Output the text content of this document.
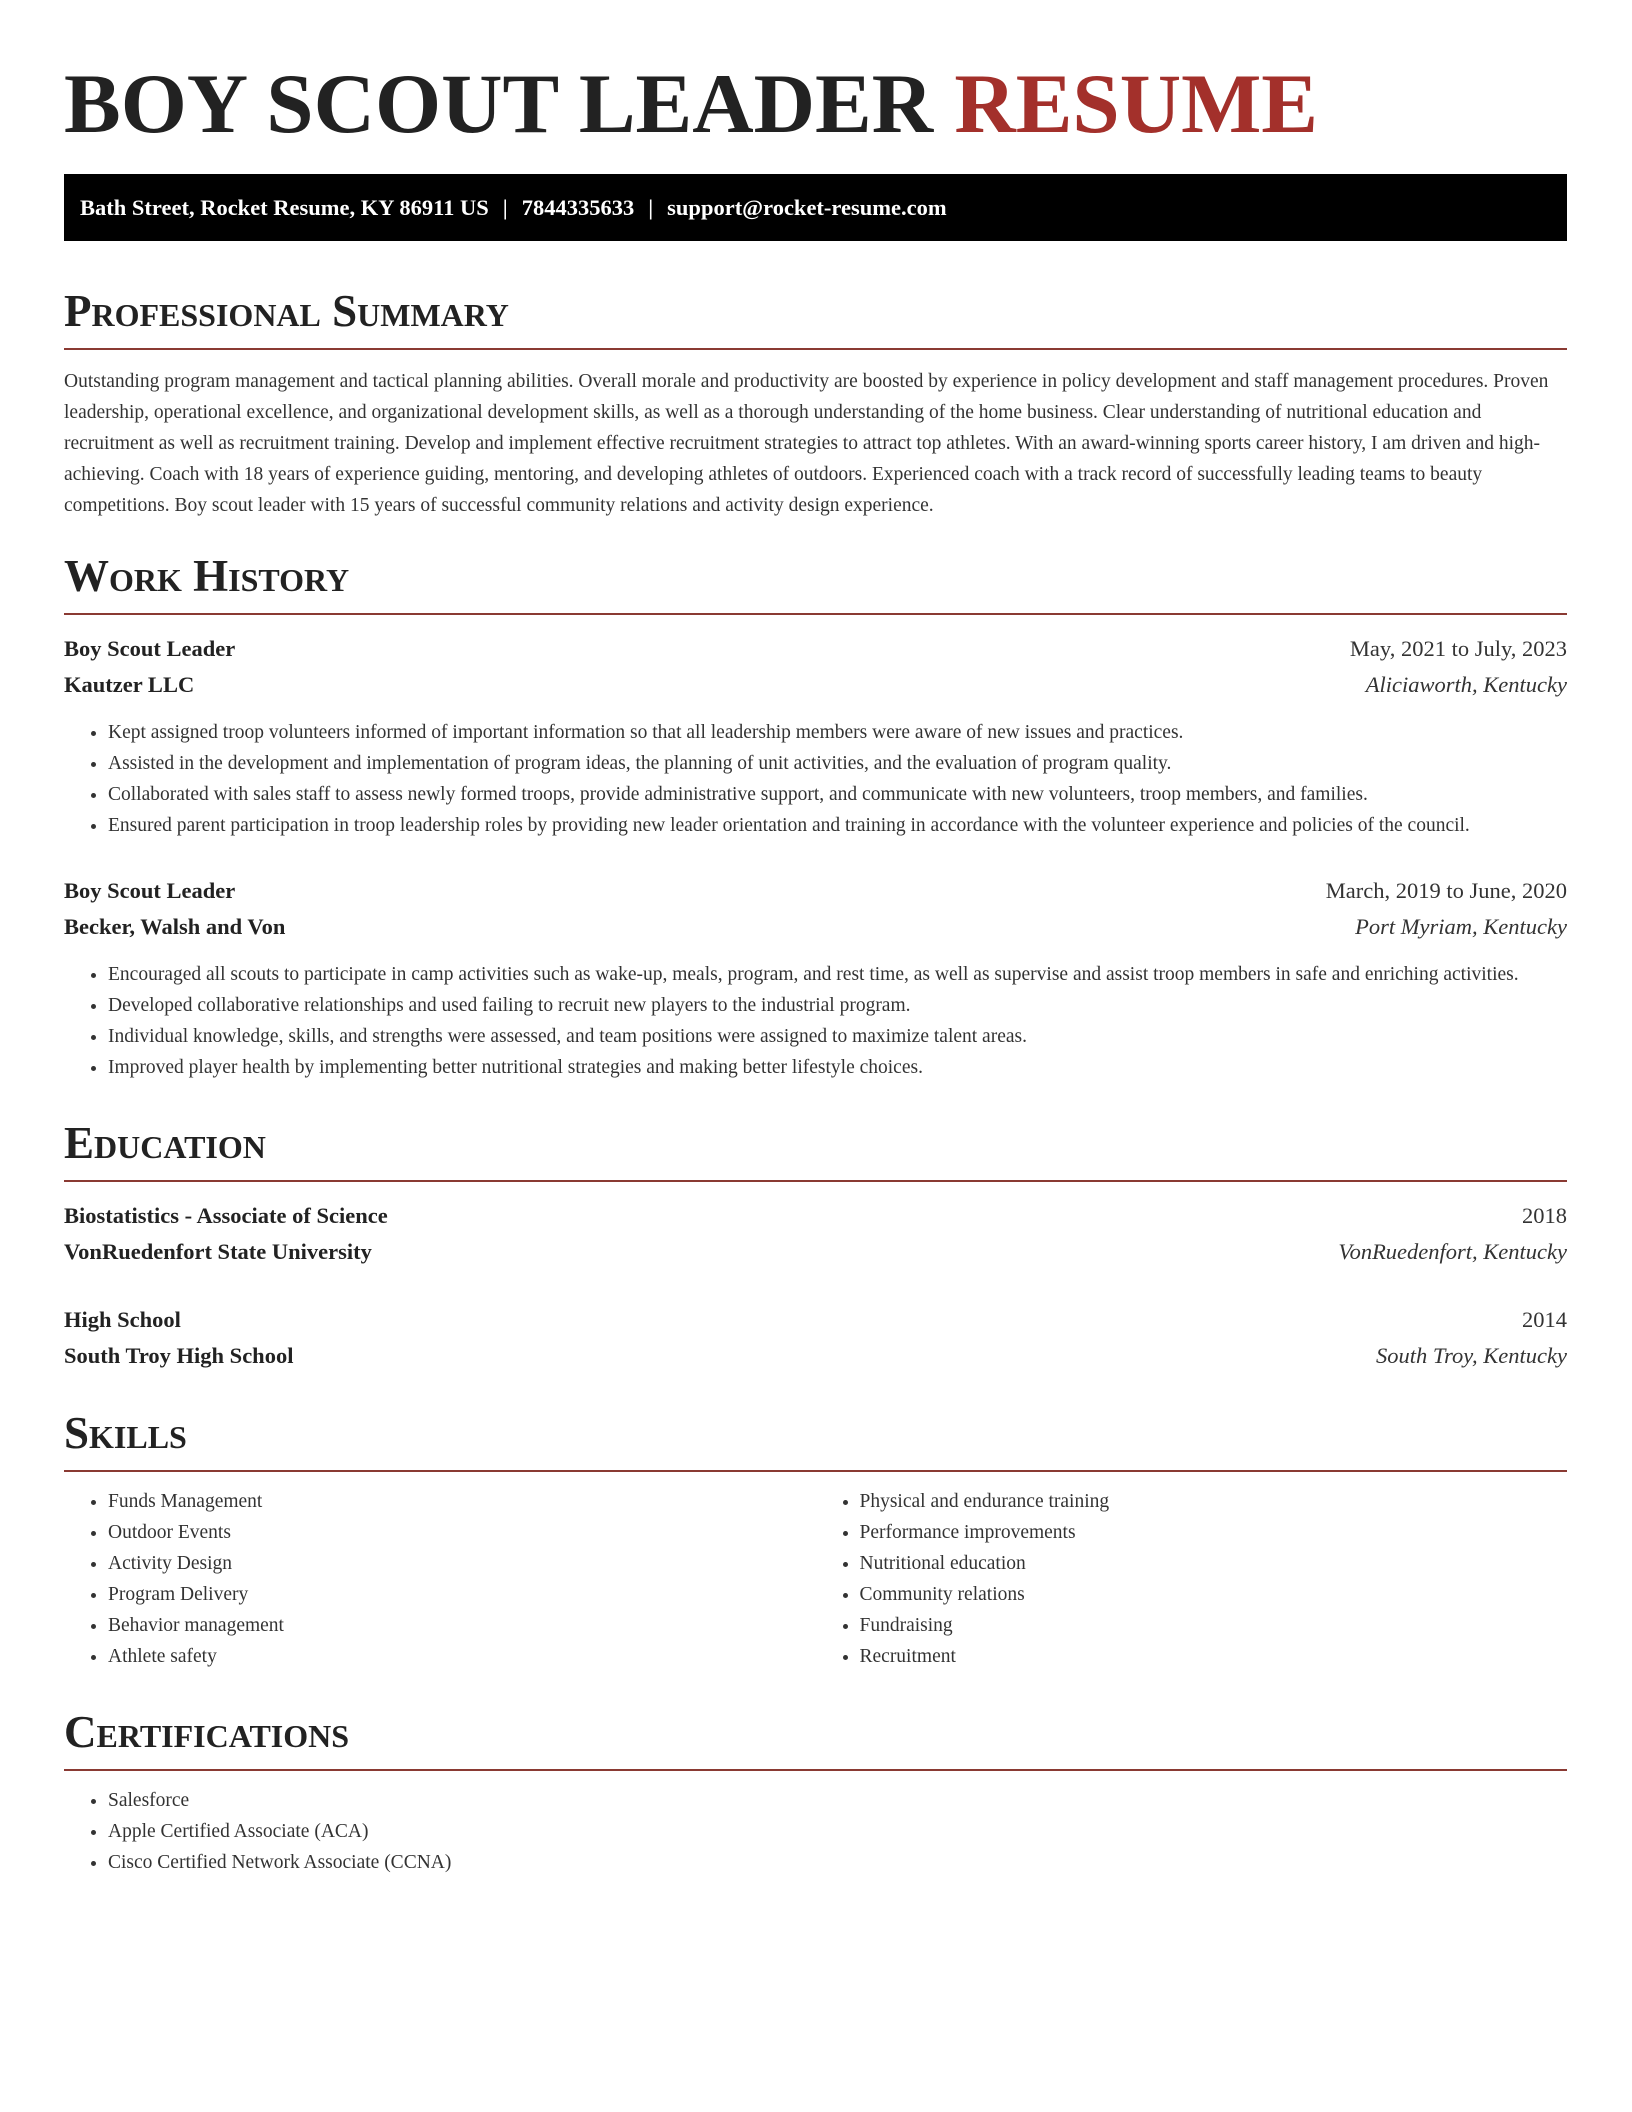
BOY SCOUT LEADER RESUME
Bath Street, Rocket Resume, KY 86911 US | 7844335633 | support@rocket-resume.com
Professional Summary
Outstanding program management and tactical planning abilities. Overall morale and productivity are boosted by experience in policy development and staff management procedures. Proven leadership, operational excellence, and organizational development skills, as well as a thorough understanding of the home business. Clear understanding of nutritional education and recruitment as well as recruitment training. Develop and implement effective recruitment strategies to attract top athletes. With an award-winning sports career history, I am driven and high-achieving. Coach with 18 years of experience guiding, mentoring, and developing athletes of outdoors. Experienced coach with a track record of successfully leading teams to beauty competitions. Boy scout leader with 15 years of successful community relations and activity design experience.
Work History
Boy Scout Leader	May, 2021 to July, 2023
Kautzer LLC	Aliciaworth, Kentucky
• Kept assigned troop volunteers informed of important information so that all leadership members were aware of new issues and practices.
• Assisted in the development and implementation of program ideas, the planning of unit activities, and the evaluation of program quality.
• Collaborated with sales staff to assess newly formed troops, provide administrative support, and communicate with new volunteers, troop members, and families.
• Ensured parent participation in troop leadership roles by providing new leader orientation and training in accordance with the volunteer experience and policies of the council.
Boy Scout Leader	March, 2019 to June, 2020
Becker, Walsh and Von	Port Myriam, Kentucky
• Encouraged all scouts to participate in camp activities such as wake-up, meals, program, and rest time, as well as supervise and assist troop members in safe and enriching activities.
• Developed collaborative relationships and used failing to recruit new players to the industrial program.
• Individual knowledge, skills, and strengths were assessed, and team positions were assigned to maximize talent areas.
• Improved player health by implementing better nutritional strategies and making better lifestyle choices.
Education
Biostatistics - Associate of Science	2018
VonRuedenfort State University	VonRuedenfort, Kentucky
High School	2014
South Troy High School	South Troy, Kentucky
Skills
• Funds Management
• Outdoor Events
• Activity Design
• Program Delivery
• Behavior management
• Athlete safety
• Physical and endurance training
• Performance improvements
• Nutritional education
• Community relations
• Fundraising
• Recruitment
Certifications
• Salesforce
• Apple Certified Associate (ACA)
• Cisco Certified Network Associate (CCNA)
